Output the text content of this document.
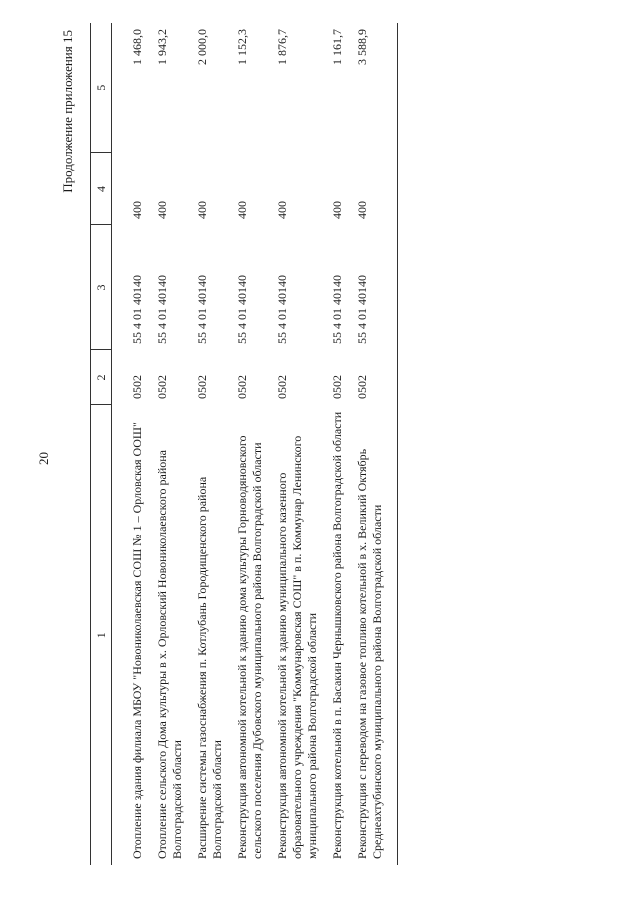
20
Продолжение приложения 15
1	2	3	4	5
Отопление здания филиала МБОУ "Новониколаевская СОШ № 1 – Орловская ООШ"	0502	55 4 01 40140	400	1 468,0
Отопление сельского Дома культуры в х. Орловский Новониколаевского района Волгоградской области	0502	55 4 01 40140	400	1 943,2
Расширение системы газоснабжения п. Котлубань Городищенского района Волгоградской области	0502	55 4 01 40140	400	2 000,0
Реконструкция автономной котельной к зданию дома культуры Горноводяновского сельского поселения Дубовского муниципального района Волгоградской области	0502	55 4 01 40140	400	1 152,3
Реконструкция автономной котельной к зданию муниципального казенного образовательного учреждения "Коммунаровская СОШ" в п. Коммунар Ленинского муниципального района Волгоградской области	0502	55 4 01 40140	400	1 876,7
Реконструкция котельной в п. Басакин Чернышковского района Волгоградской области	0502	55 4 01 40140	400	1 161,7
Реконструкция с переводом на газовое топливо котельной в х. Великий Октябрь Среднеахтубинского муниципального района Волгоградской области	0502	55 4 01 40140	400	3 588,9
